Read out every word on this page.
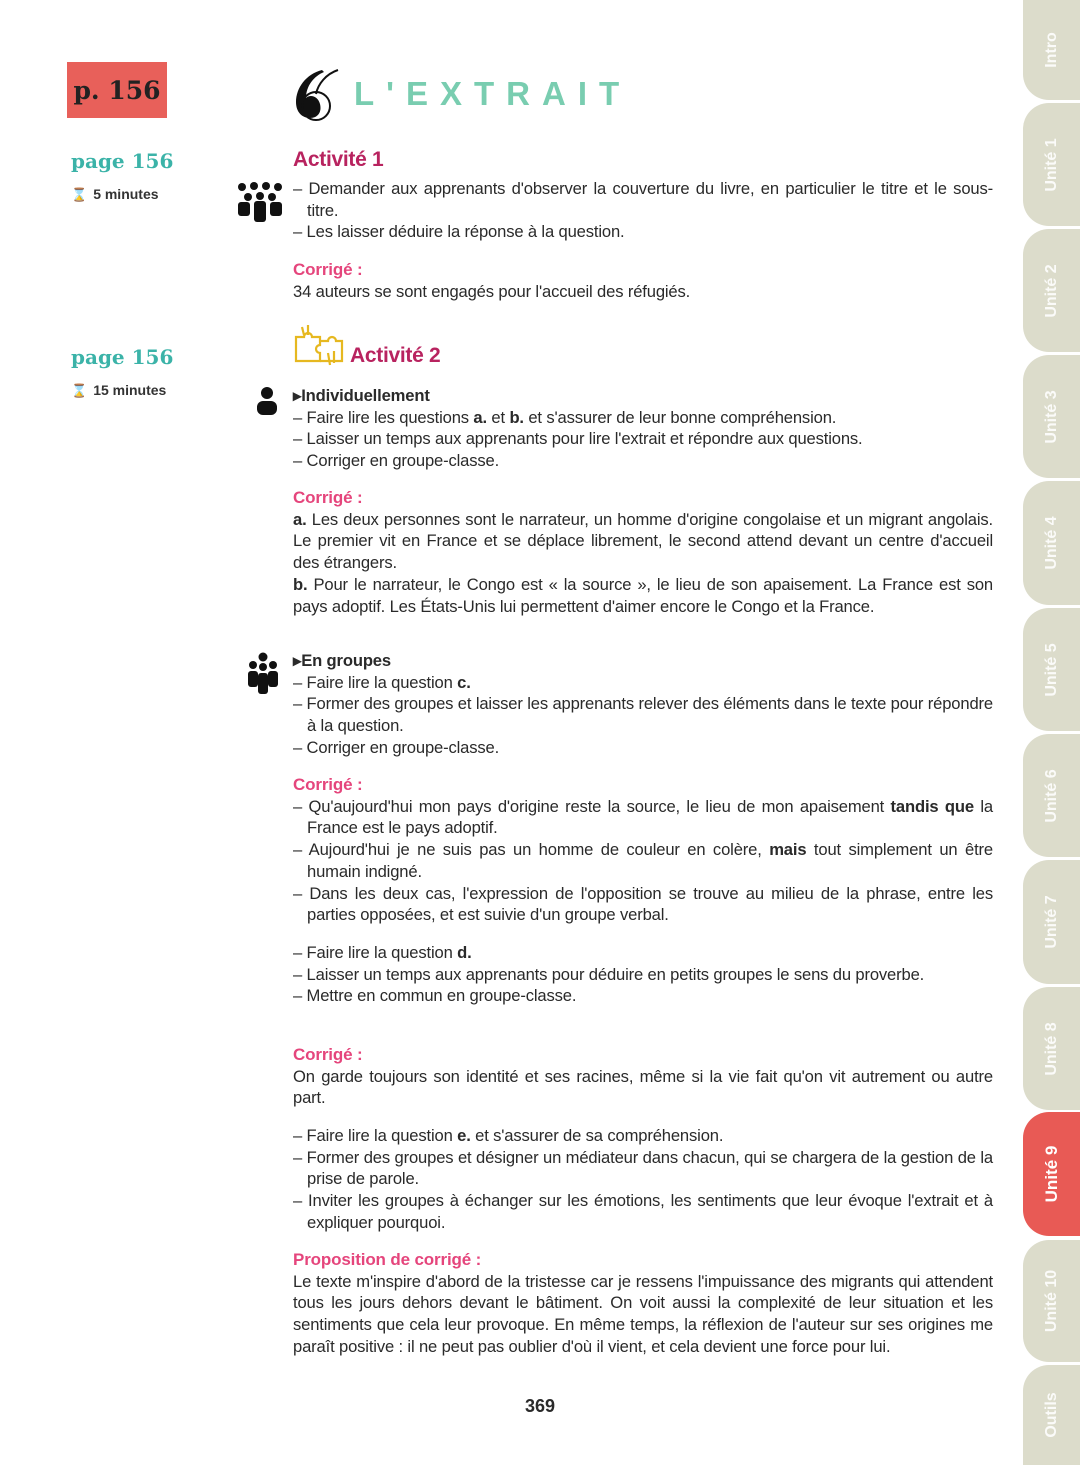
p. 156	L'EXTRAIT
page 156
⌛ 5 minutes
Activité 1
– Demander aux apprenants d'observer la couverture du livre, en particulier le titre et le sous-titre.
– Les laisser déduire la réponse à la question.
Corrigé :
34 auteurs se sont engagés pour l'accueil des réfugiés.
page 156
⌛ 15 minutes
Activité 2
▸Individuellement
– Faire lire les questions a. et b. et s'assurer de leur bonne compréhension.
– Laisser un temps aux apprenants pour lire l'extrait et répondre aux questions.
– Corriger en groupe-classe.
Corrigé :
a. Les deux personnes sont le narrateur, un homme d'origine congolaise et un migrant angolais. Le premier vit en France et se déplace librement, le second attend devant un centre d'accueil des étrangers.
b. Pour le narrateur, le Congo est « la source », le lieu de son apaisement. La France est son pays adoptif. Les États-Unis lui permettent d'aimer encore le Congo et la France.
▸En groupes
– Faire lire la question c.
– Former des groupes et laisser les apprenants relever des éléments dans le texte pour répondre à la question.
– Corriger en groupe-classe.
Corrigé :
– Qu'aujourd'hui mon pays d'origine reste la source, le lieu de mon apaisement tandis que la France est le pays adoptif.
– Aujourd'hui je ne suis pas un homme de couleur en colère, mais tout simplement un être humain indigné.
– Dans les deux cas, l'expression de l'opposition se trouve au milieu de la phrase, entre les parties opposées, et est suivie d'un groupe verbal.
– Faire lire la question d.
– Laisser un temps aux apprenants pour déduire en petits groupes le sens du proverbe.
– Mettre en commun en groupe-classe.
Corrigé :
On garde toujours son identité et ses racines, même si la vie fait qu'on vit autrement ou autre part.
– Faire lire la question e. et s'assurer de sa compréhension.
– Former des groupes et désigner un médiateur dans chacun, qui se chargera de la gestion de la prise de parole.
– Inviter les groupes à échanger sur les émotions, les sentiments que leur évoque l'extrait et à expliquer pourquoi.
Proposition de corrigé :
Le texte m'inspire d'abord de la tristesse car je ressens l'impuissance des migrants qui attendent tous les jours dehors devant le bâtiment. On voit aussi la complexité de leur situation et les sentiments que cela leur provoque. En même temps, la réflexion de l'auteur sur ses origines me paraît positive : il ne peut pas oublier d'où il vient, et cela devient une force pour lui.
369
Intro
Unité 1
Unité 2
Unité 3
Unité 4
Unité 5
Unité 6
Unité 7
Unité 8
Unité 9
Unité 10
Outils
